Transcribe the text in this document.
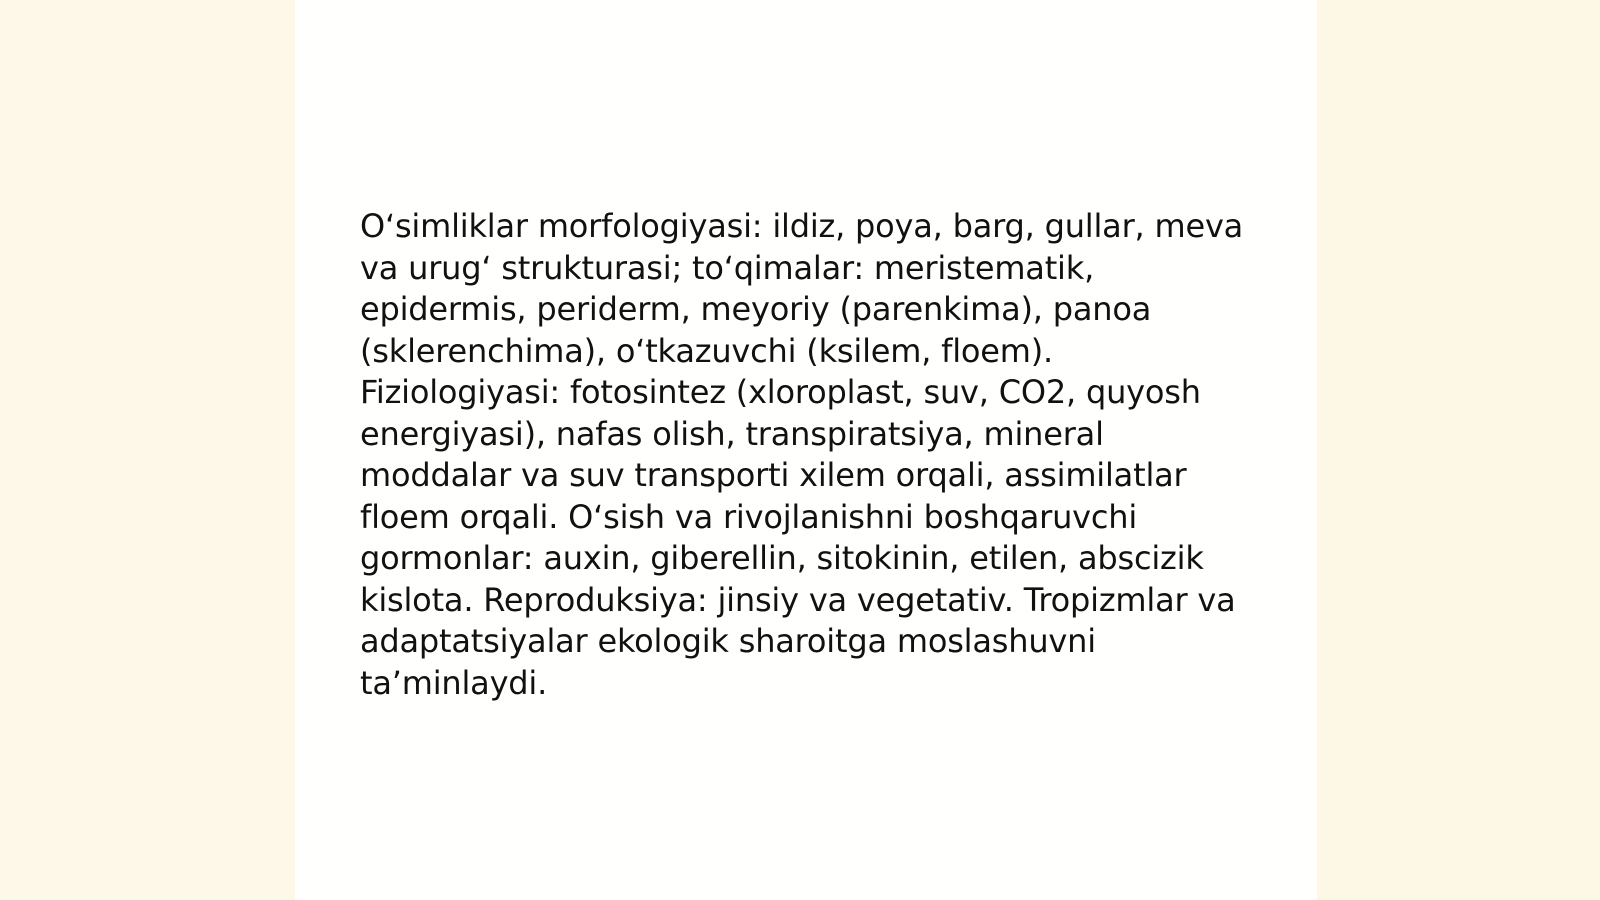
O‘simliklar morfologiyasi: ildiz, poya, barg, gullar, meva va urug‘ strukturasi; to‘qimalar: meristematik, epidermis, periderm, meyoriy (parenkima), panoa (sklerenchima), o‘tkazuvchi (ksilem, floem). Fiziologiyasi: fotosintez (xloroplast, suv, CO2, quyosh energiyasi), nafas olish, transpiratsiya, mineral moddalar va suv transporti xilem orqali, assimilatlar floem orqali. O‘sish va rivojlanishni boshqaruvchi gormonlar: auxin, giberellin, sitokinin, etilen, abscizik kislota. Reproduksiya: jinsiy va vegetativ. Tropizmlar va adaptatsiyalar ekologik sharoitga moslashuvni ta’minlaydi.
